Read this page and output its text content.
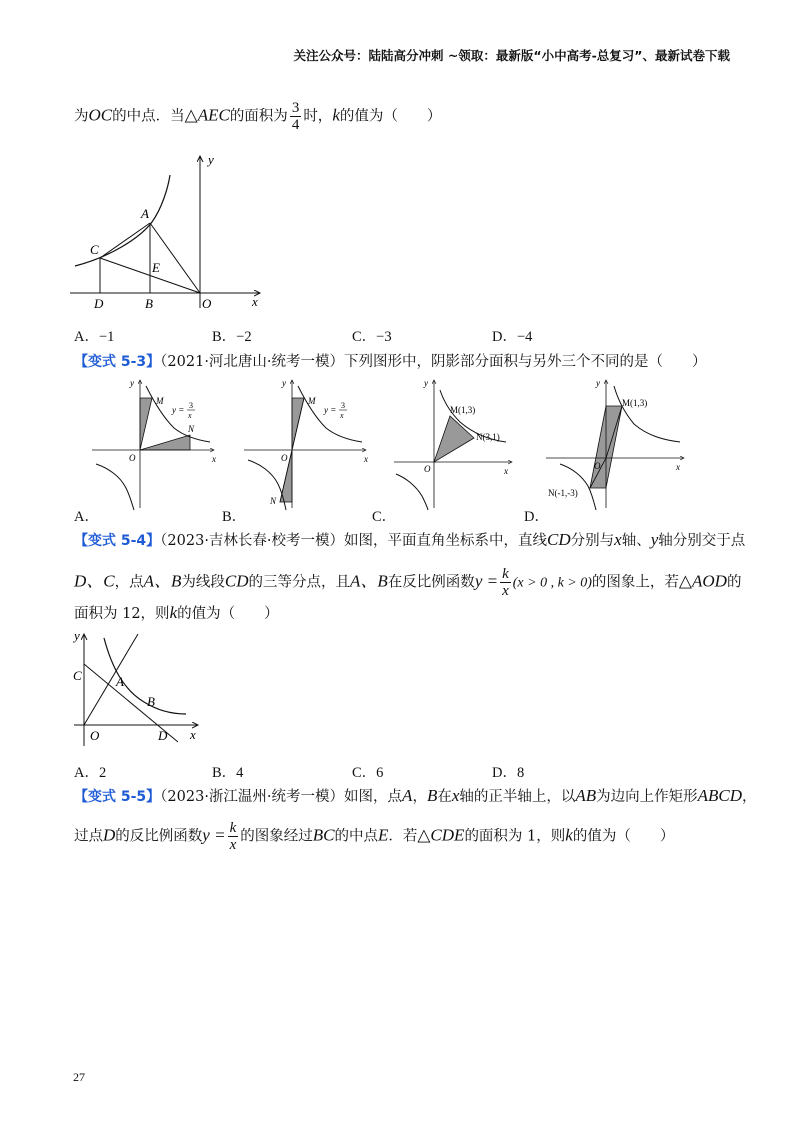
关注公众号：陆陆高分冲刺 ~领取：最新版“小中高考-总复习”、最新试卷下载
为OC的中点．当△AEC的面积为 $\frac{3}{4}$ 时，k的值为（　　）
y
x
A
C
E
D	B	O
A．−1	B．−2	C．−3	D．−4
【变式 5-3】（2021·河北唐山·统考一模）下列图形中，阴影部分面积与另外三个不同的是（　　）
y
x
O
M
N
y = 3
x
y
x
O
M
N
y = 3
x
y
x
O
M(1,3)
N(3,1)
y
x
O
M(1,3)
N(-1,-3)
A．	B．	C．	D．
【变式 5-4】（2023·吉林长春·校考一模）如图，平面直角坐标系中，直线CD分别与x轴、y轴分别交于点
D、C，点A、B为线段CD的三等分点，且A、B在反比例函数$y = \frac{k}{x} (x > 0$ , k > 0)的图象上，若△AOD的
面积为 12，则k的值为（　　）
y
x
C	A
B
O	D
A．2	B．4	C．6	D．8
【变式 5-5】（2023·浙江温州·统考一模）如图，点A，B在x轴的正半轴上，以AB为边向上作矩形ABCD，
过点D的反比例函数$y = \frac{k}{x}$ 的图象经过BC的中点E．若△CDE的面积为 1，则k的值为（　　）
27
